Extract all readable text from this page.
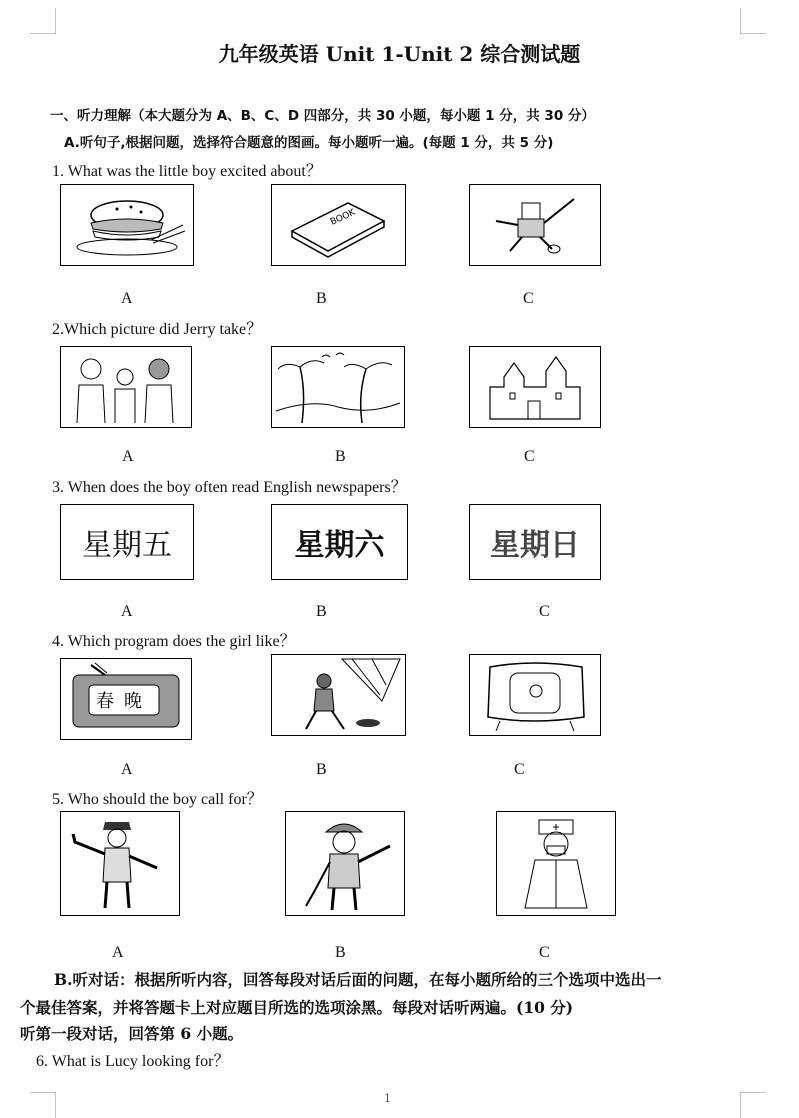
九年级英语 Unit 1-Unit 2 综合测试题
一、听力理解（本大题分为 A、B、C、D 四部分，共 30 小题，每小题 1 分，共 30 分）
A.听句子,根据问题，选择符合题意的图画。每小题听一遍。(每题 1 分，共 5 分)
1. What was the little boy excited about？
BOOK
A	B	C
2.Which picture did Jerry take？
A	B	C
3. When does the boy often read English newspapers？
星期五	星期六	星期日
A	B	C
4. Which program does the girl like？
春 晚
A	B	C
5. Who should the boy call for？
A	B	C
B.听对话：根据所听内容，回答每段对话后面的问题，在每小题所给的三个选项中选出一
个最佳答案，并将答题卡上对应题目所选的选项涂黑。每段对话听两遍。(10 分)
听第一段对话，回答第 6 小题。
6. What is Lucy looking for？
1
